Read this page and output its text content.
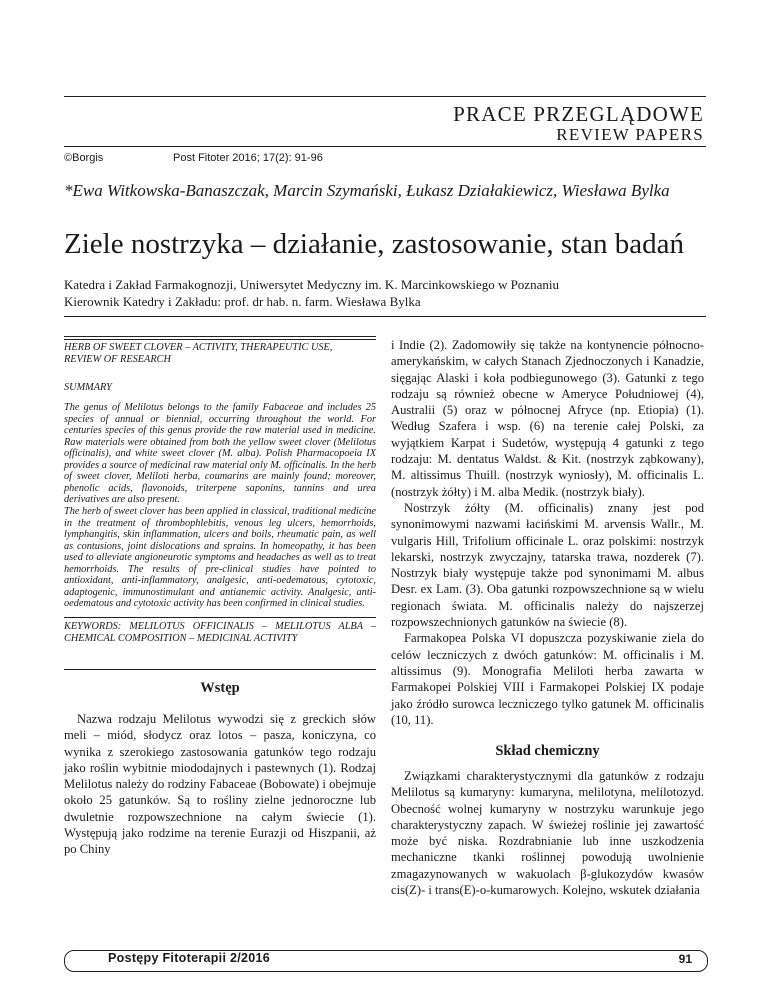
PRACE PRZEGLĄDOWE
REVIEW PAPERS
©Borgis	Post Fitoter 2016; 17(2): 91-96
*Ewa Witkowska-Banaszczak, Marcin Szymański, Łukasz Działakiewicz, Wiesława Bylka
Ziele nostrzyka – działanie, zastosowanie, stan badań
Katedra i Zakład Farmakognozji, Uniwersytet Medyczny im. K. Marcinkowskiego w Poznaniu
Kierownik Katedry i Zakładu: prof. dr hab. n. farm. Wiesława Bylka
HERB OF SWEET CLOVER – ACTIVITY, THERAPEUTIC USE, REVIEW OF RESEARCH
SUMMARY
The genus of Melilotus belongs to the family Fabaceae and includes 25 species of annual or biennial, occurring throughout the world. For centuries species of this genus provide the raw material used in medicine. Raw materials were obtained from both the yellow sweet clover (Melilotus officinalis), and white sweet clover (M. alba). Polish Pharmacopoeia IX provides a source of medicinal raw material only M. officinalis. In the herb of sweet clover, Meliloti herba, coumarins are mainly found; moreover, phenolic acids, flavonoids, triterpene saponins, tannins and urea derivatives are also present.
The herb of sweet clover has been applied in classical, traditional medicine in the treatment of thrombophlebitis, venous leg ulcers, hemorrhoids, lymphangitis, skin inflammation, ulcers and boils, rheumatic pain, as well as contusions, joint dislocations and sprains. In homeopathy, it has been used to alleviate angioneurotic symptoms and headaches as well as to treat hemorrhoids. The results of pre-clinical studies have pointed to antioxidant, anti-inflammatory, analgesic, anti-oedematous, cytotoxic, adaptogenic, immunostimulant and antianemic activity. Analgesic, anti-oedematous and cytotoxic activity has been confirmed in clinical studies.
KEYWORDS: MELILOTUS OFFICINALIS – MELILOTUS ALBA – CHEMICAL COMPOSITION – MEDICINAL ACTIVITY
Wstęp

Nazwa rodzaju Melilotus wywodzi się z greckich słów meli – miód, słodycz oraz lotos – pasza, koniczyna, co wynika z szerokiego zastosowania gatunków tego rodzaju jako roślin wybitnie miododajnych i pastewnych (1). Rodzaj Melilotus należy do rodziny Fabaceae (Bobowate) i obejmuje około 25 gatunków. Są to rośliny zielne jednoroczne lub dwuletnie rozpowszechnione na całym świecie (1). Występują jako rodzime na terenie Eurazji od Hiszpanii, aż po Chiny

i Indie (2). Zadomowiły się także na kontynencie północno-amerykańskim, w całych Stanach Zjednoczonych i Kanadzie, sięgając Alaski i koła podbiegunowego (3). Gatunki z tego rodzaju są również obecne w Ameryce Południowej (4), Australii (5) oraz w północnej Afryce (np. Etiopia) (1). Według Szafera i wsp. (6) na terenie całej Polski, za wyjątkiem Karpat i Sudetów, występują 4 gatunki z tego rodzaju: M. dentatus Waldst. & Kit. (nostrzyk ząbkowany), M. altissimus Thuill. (nostrzyk wyniosły), M. officinalis L. (nostrzyk żółty) i M. alba Medik. (nostrzyk biały).

Nostrzyk żółty (M. officinalis) znany jest pod synonimowymi nazwami łacińskimi M. arvensis Wallr., M. vulgaris Hill, Trifolium officinale L. oraz polskimi: nostrzyk lekarski, nostrzyk zwyczajny, tatarska trawa, nozderek (7). Nostrzyk biały występuje także pod synonimami M. albus Desr. ex Lam. (3). Oba gatunki rozpowszechnione są w wielu regionach świata. M. officinalis należy do najszerzej rozpowszechnionych gatunków na świecie (8).

Farmakopea Polska VI dopuszcza pozyskiwanie ziela do celów leczniczych z dwóch gatunków: M. officinalis i M. altissimus (9). Monografia Meliloti herba zawarta w Farmakopei Polskiej VIII i Farmakopei Polskiej IX podaje jako źródło surowca leczniczego tylko gatunek M. officinalis (10, 11).

Skład chemiczny

Związkami charakterystycznymi dla gatunków z rodzaju Melilotus są kumaryny: kumaryna, melilotyna, melilotozyd. Obecność wolnej kumaryny w nostrzyku warunkuje jego charakterystyczny zapach. W świeżej roślinie jej zawartość może być niska. Rozdrabnianie lub inne uszkodzenia mechaniczne tkanki roślinnej powodują uwolnienie zmagazynowanych w wakuolach β-glukozydów kwasów cis(Z)- i trans(E)-o-kumarowych. Kolejno, wskutek działania

Postępy Fitoterapii 2/2016	91
